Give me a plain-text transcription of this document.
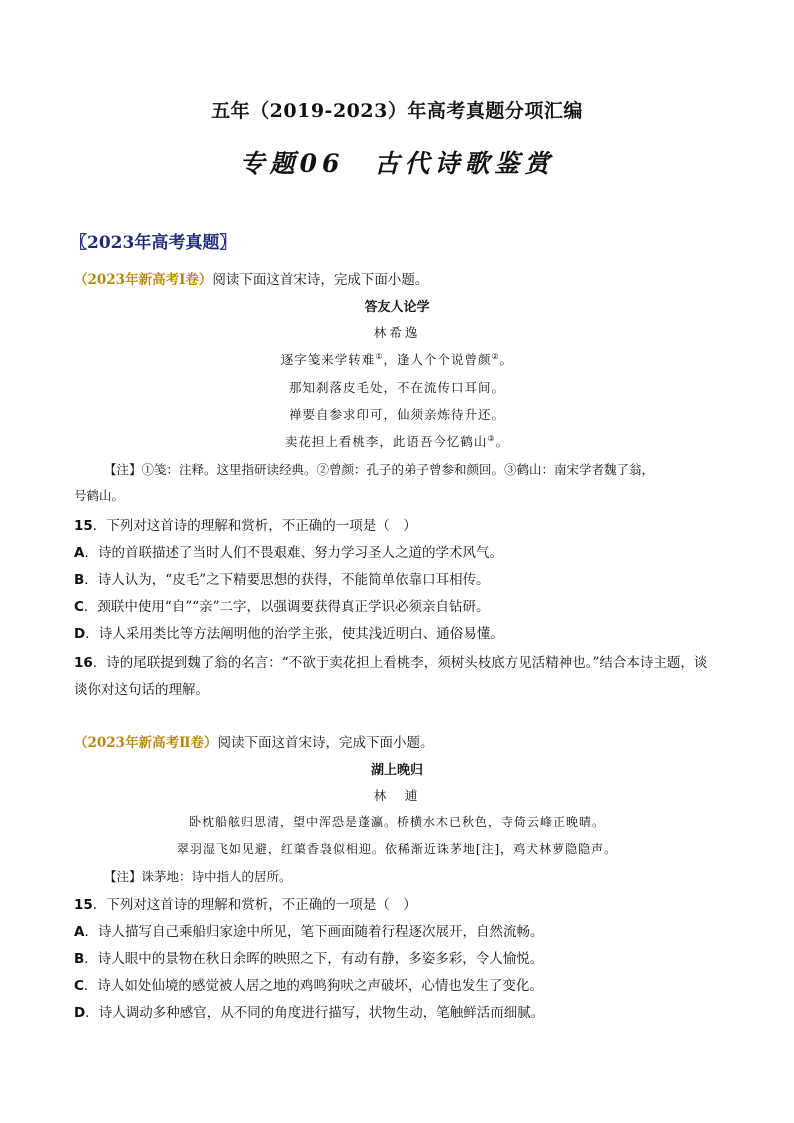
五年（2019-2023）年高考真题分项汇编
专题06　古代诗歌鉴赏
〖2023年高考真题〗
（2023年新高考Ⅰ卷）阅读下面这首宋诗，完成下面小题。
答友人论学
林希逸
逐字笺来学转难①，逢人个个说曾颜②。
那知刹落皮毛处，不在流传口耳间。
禅要自参求印可，仙须亲炼待升还。
卖花担上看桃李，此语吾今忆鹤山③。
【注】①笺：注释。这里指研读经典。②曾颜：孔子的弟子曾参和颜回。③鹤山：南宋学者魏了翁，
号鹤山。
15．下列对这首诗的理解和赏析，不正确的一项是（　）
A．诗的首联描述了当时人们不畏艰难、努力学习圣人之道的学术风气。
B．诗人认为，“皮毛”之下精要思想的获得，不能简单依靠口耳相传。
C．颈联中使用“自”“亲”二字，以强调要获得真正学识必须亲自钻研。
D．诗人采用类比等方法阐明他的治学主张，使其浅近明白、通俗易懂。
16．诗的尾联提到魏了翁的名言：“不欲于卖花担上看桃李，须树头枝底方见活精神也。”结合本诗主题，谈
谈你对这句话的理解。
（2023年新高考Ⅱ卷）阅读下面这首宋诗，完成下面小题。
湖上晚归
林　逋
卧枕船舷归思清，望中浑恐是蓬瀛。桥横水木已秋色，寺倚云峰正晚晴。
翠羽湿飞如见避，红蕖香袅似相迎。依稀渐近诛茅地[注]，鸡犬林萝隐隐声。
【注】诛茅地：诗中指人的居所。
15．下列对这首诗的理解和赏析，不正确的一项是（　）
A．诗人描写自己乘船归家途中所见，笔下画面随着行程逐次展开，自然流畅。
B．诗人眼中的景物在秋日余晖的映照之下，有动有静，多姿多彩，令人愉悦。
C．诗人如处仙境的感觉被人居之地的鸡鸣狗吠之声破坏，心情也发生了变化。
D．诗人调动多种感官，从不同的角度进行描写，状物生动，笔触鲜活而细腻。
